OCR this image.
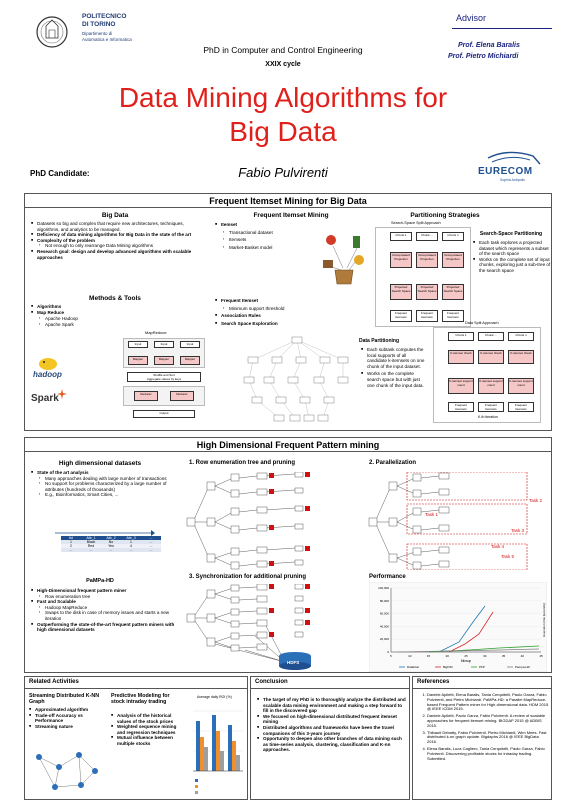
POLITECNICO
DI TORINO
Dipartimento di
Automatica e Informatica
PhD in Computer and Control Engineering
XXIX cycle
Advisor
Prof. Elena Baralis
Prof. Pietro Michiardi
Data Mining Algorithms for
Big Data
PhD Candidate:	Fabio Pulvirenti	EURECOM
Sophia Antipolis
Frequent Itemset Mining for Big Data
Big Data
■ Datasets so big and complex that require new architectures, techniques, algorithms, and analytics to be managed.
■ Deficiency of data mining algorithms for Big Data in the state of the art
■ Complexity of the problem
▪ Not enough to only rearrange Data Mining algorithms
■ Research goal: design and develop advanced algorithms with scalable approaches
Methods & Tools
■ Algorithms
■ Map Reduce
▪ Apache Hadoop
▪ Apache Spark
hadoop
Spark
MapReduce
Input	Input	Input
Mapper	Mapper	Mapper
Shuffle and Sort
Aggregate values by keys
Reducer	Reducer
Output
Frequent Itemset Mining
■ Itemset
▪ Transactional dataset
▪ Itemsets
▪ Market-Basket model
■ Frequent Itemset
▪ Minimum support threshold
■ Association Rules
■ Search Space Exploration
Partitioning Strategies
Search-Space Split Approach
Chunk 1	Chunk ...	Chunk n
Group-based Projection
Group-based Projection
Group-based Projection
Projected Search Space
Projected Search Space
Projected Search Space
Frequent Itemsets
Frequent Itemsets
Frequent Itemsets
Search-Space Partitioning
■ Each task explores a projected dataset which represents a subset of the search space
■ Works on the complete set of input chunks, exploring just a sub-tree of the search space
Data Partitioning
■ Each subtask computes the local supports of all candidate k-itemsets on one chunk of the input dataset.
■ Works on the complete search space but with just one chunk of the input data.
Data Split Approach
Chunk 1	Chunk ...	Chunk n
K-itemset check	K-itemset check	K-itemset check
K-itemset support count
K-itemset support count
K-itemset support count
Frequent Itemsets
Frequent Itemsets
Frequent Itemsets
K-th iteration
High Dimensional Frequent Pattern mining
High dimensional datasets
■ State of the art analysis
▪ Many approaches dealing with large number of transactions
▪ No support for problems characterized by a large number of attributes (hundreds of thousands)
▪ E.g., Bioinformatics, Smart Cities, ...
tid	Attr_1	Attr_2	Attr_3	...
1	Black	No	1	...
2	Red	Yes	4	...
...	...	...	...	...
PaMPa-HD
■ High-Dimensional frequent pattern miner
▪ Row enumeration tree
■ Fast and Scalable
▪ Hadoop MapReduce
▪ Swaps to the disk in case of memory issues and starts a new iteration
■ Outperforming the state-of-the-art frequent pattern miners with high dimensional datasets
1. Row enumeration tree and pruning	2. Parallelization
Task 1
Task 2
Task 3
Task 4
Task 5
3. Synchronization for additional pruning
HDFS
Performance
0
20,000
40,000
60,000
80,000
100,000
5	10	15	20	25	30	35	40	45
Minsup
Execution time [seconds]
DistEclat	BigFIM	PFP	Pampa-HD
Related Activities
Streaming Distributed K-NN Graph
■ Approximated algorithm
■ Trade-off Accuracy vs Performance
■ Streaming nature
Predictive Modeling for stock intraday trading
■ Analysis of the historical values of the stock prices
■ Weighted sequence mining and regression techniques
■ Mutual influence between multiple stocks
Average daily ROI (%)
Conclusion
■ The target of my PhD is to thoroughly analyze the distributed and scalable data mining environment and making a step forward to fill in the discovered gap
■ We focused on high-dimensional distributed frequent itemset mining
■ Distributed algorithms and frameworks have been the travel companions of this 3-years journey
■ Opportunity to deepen also other branches of data mining such as time-series analysis, clustering, classification and K-nn approaches.
References
1. Daniele Apiletti, Elena Baralis, Tania Cerquitelli, Paolo Garza, Fabio Pulvirenti, and Pietro Michiardi. PaMPa-HD: a Parallel MapReduce-based Frequent Pattern miner for High-dimensional data. HDM 2015 @ IEEE ICDM 2015.
2. Daniele Apiletti, Paolo Garza, Fabio Pulvirenti. A review of scalable approaches for frequent itemset mining. BIGDAP 2015 @ ADBIS 2015.
3. Thibault Debatty, Fabio Pulvirenti, Pietro Michiardi, Wim Mees. Fast distributed k-nn graph update. Bigdaphs 2016 @ IEEE BigData 2016.
4. Elena Baralis, Luca Cagliero, Tania Cerquitelli, Paolo Garza, Fabio Pulvirenti. Discovering profitable stocks for intraday trading. Submitted.
